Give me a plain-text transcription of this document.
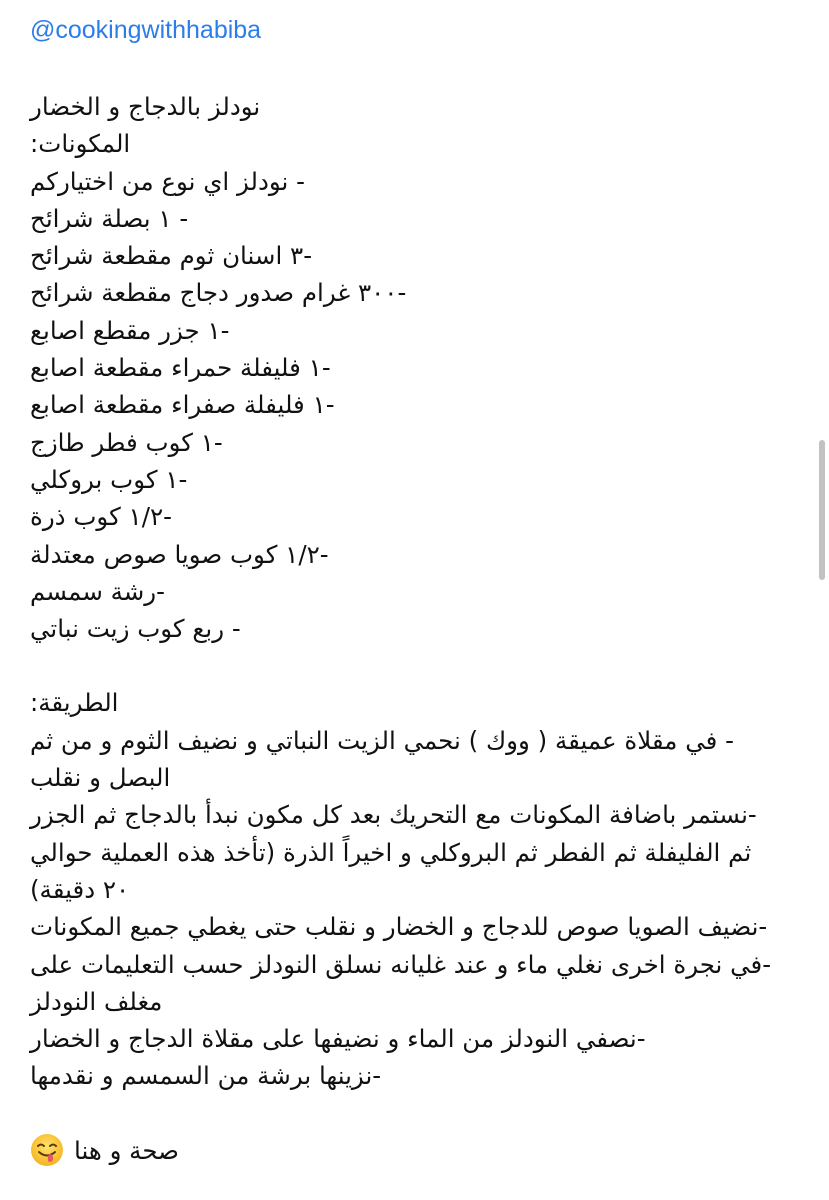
@cookingwithhabiba
نودلز بالدجاج و الخضار
المكونات:
- نودلز اي نوع من اختياركم
- ١ بصلة شرائح
-٣ اسنان ثوم مقطعة شرائح
-٣٠٠ غرام صدور دجاج مقطعة شرائح
-١ جزر مقطع اصابع
-١ فليفلة حمراء مقطعة اصابع
-١ فليفلة صفراء مقطعة اصابع
-١ كوب فطر طازج
-١ كوب بروكلي
-١/٢ كوب ذرة
-١/٢ كوب صويا صوص معتدلة
-رشة سمسم
- ربع كوب زيت نباتي
الطريقة:
- في مقلاة عميقة ( ووك ) نحمي الزيت النباتي و نضيف الثوم و من ثم البصل و نقلب
-نستمر باضافة المكونات مع التحريك بعد كل مكون نبدأ بالدجاج ثم الجزر ثم الفليفلة ثم الفطر ثم البروكلي و اخيراً الذرة (تأخذ هذه العملية حوالي ٢٠ دقيقة)
-نضيف الصويا صوص للدجاج و الخضار و نقلب حتى يغطي جميع المكونات
-في نجرة اخرى نغلي ماء و عند غليانه نسلق النودلز حسب التعليمات على مغلف النودلز
-نصفي النودلز من الماء و نضيفها على مقلاة الدجاج و الخضار
-نزينها برشة من السمسم و نقدمها
صحة و هنا
